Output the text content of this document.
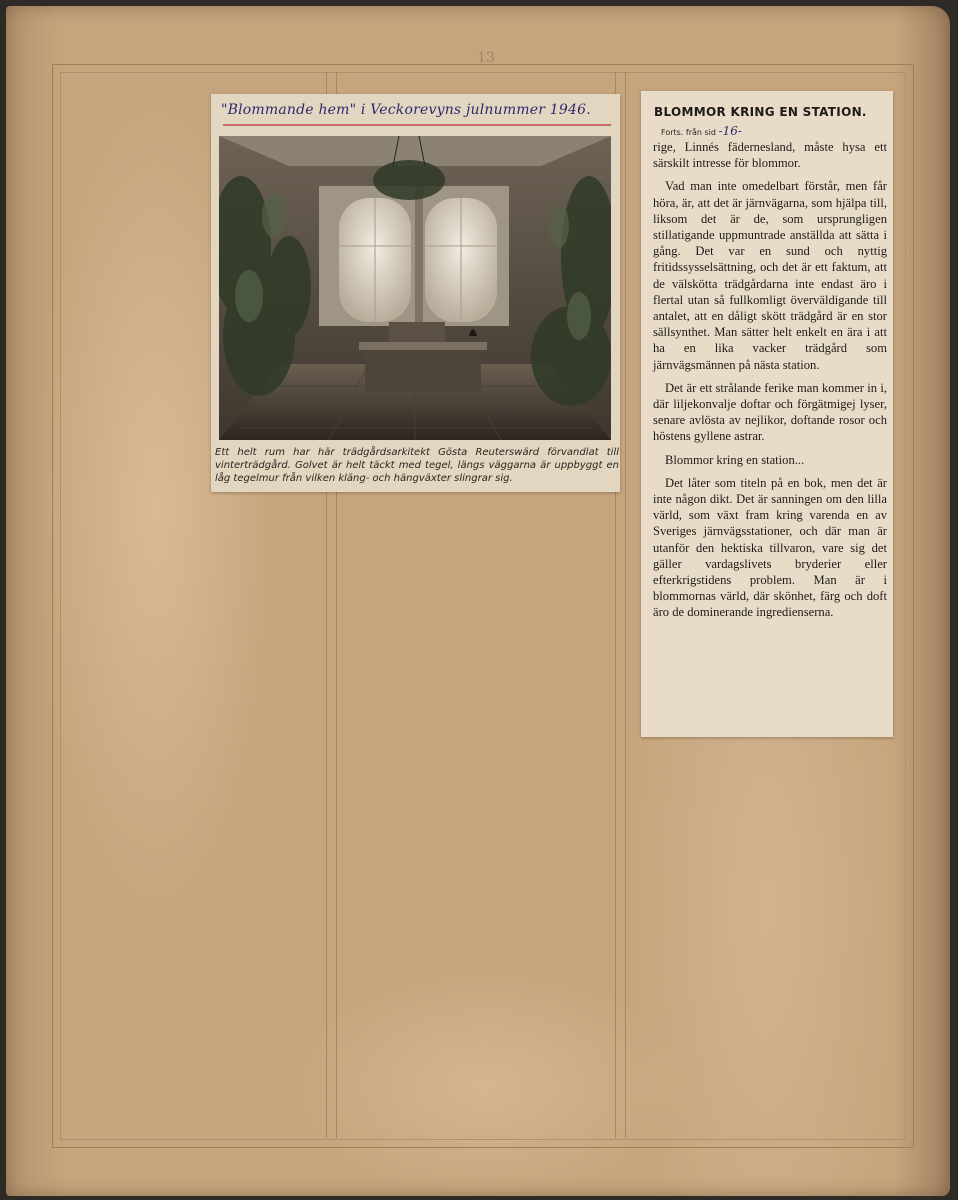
13
"Blommande hem" i Veckorevyns julnummer 1946.
Ett helt rum har här trädgårdsarkitekt Gösta Reuterswärd förvandlat till vinterträdgård. Golvet är helt täckt med tegel, längs väggarna är uppbyggt en låg tegelmur från vilken kläng- och hängväxter slingrar sig.
BLOMMOR KRING EN STATION.
Forts. från sid -16-

rige, Linnés fädernesland, måste hysa ett särskilt intresse för blommor.

Vad man inte omedelbart förstår, men får höra, är, att det är järnvägarna, som hjälpa till, liksom det är de, som ursprungligen stillatigande uppmuntrade anställda att sätta i gång. Det var en sund och nyttig fritidssysselsättning, och det är ett faktum, att de välskötta trädgårdarna inte endast äro i flertal utan så fullkomligt överväldigande till antalet, att en dåligt skött trädgård är en stor sällsynthet. Man sätter helt enkelt en ära i att ha en lika vacker trädgård som järnvägsmännen på nästa station.

Det är ett strålande ferike man kommer in i, där liljekonvalje doftar och förgätmigej lyser, senare avlösta av nejlikor, doftande rosor och höstens gyllene astrar.

Blommor kring en station...

Det låter som titeln på en bok, men det är inte någon dikt. Det är sanningen om den lilla värld, som växt fram kring varenda en av Sveriges järnvägsstationer, och där man är utanför den hektiska tillvaron, vare sig det gäller vardagslivets bryderier eller efterkrigstidens problem. Man är i blommornas värld, där skönhet, färg och doft äro de dominerande ingredienserna.
